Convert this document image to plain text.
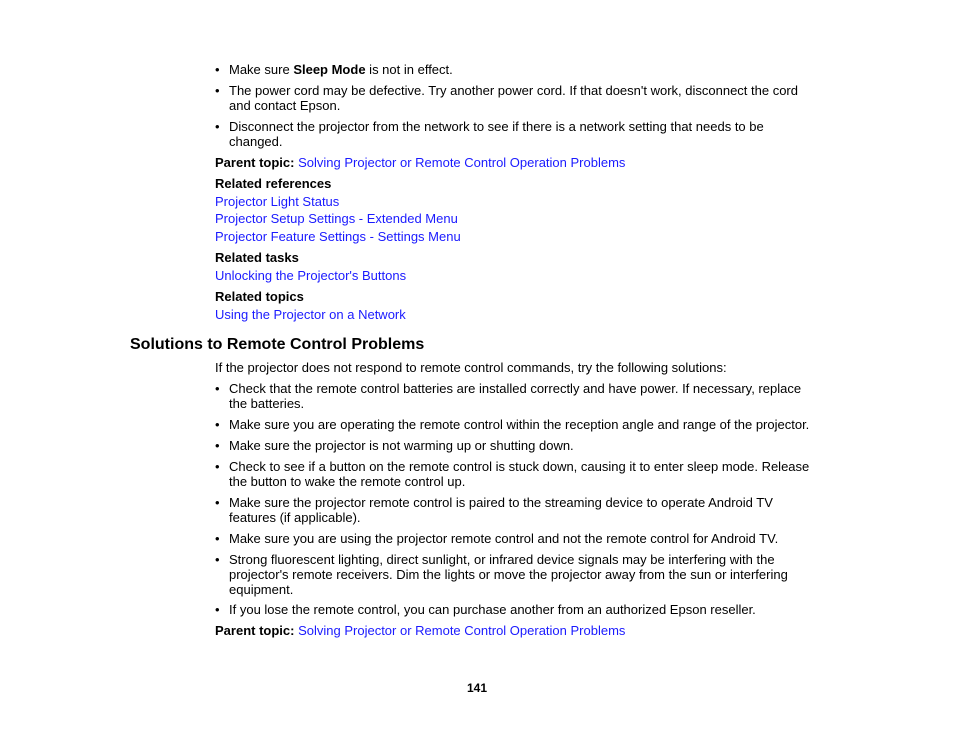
• Make sure Sleep Mode is not in effect.
• The power cord may be defective. Try another power cord. If that doesn't work, disconnect the cord and contact Epson.
• Disconnect the projector from the network to see if there is a network setting that needs to be changed.
Parent topic: Solving Projector or Remote Control Operation Problems
Related references
Projector Light Status
Projector Setup Settings - Extended Menu
Projector Feature Settings - Settings Menu
Related tasks
Unlocking the Projector's Buttons
Related topics
Using the Projector on a Network
Solutions to Remote Control Problems
If the projector does not respond to remote control commands, try the following solutions:
• Check that the remote control batteries are installed correctly and have power. If necessary, replace the batteries.
• Make sure you are operating the remote control within the reception angle and range of the projector.
• Make sure the projector is not warming up or shutting down.
• Check to see if a button on the remote control is stuck down, causing it to enter sleep mode. Release the button to wake the remote control up.
• Make sure the projector remote control is paired to the streaming device to operate Android TV features (if applicable).
• Make sure you are using the projector remote control and not the remote control for Android TV.
• Strong fluorescent lighting, direct sunlight, or infrared device signals may be interfering with the projector's remote receivers. Dim the lights or move the projector away from the sun or interfering equipment.
• If you lose the remote control, you can purchase another from an authorized Epson reseller.
Parent topic: Solving Projector or Remote Control Operation Problems
141
